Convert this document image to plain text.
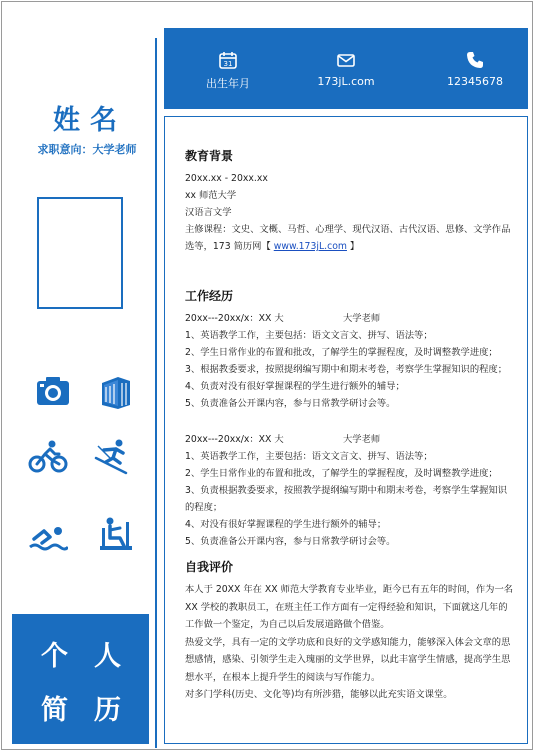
姓名
求职意向：大学老师
个 人
简 历
31
出生年月	173jL.com	12345678
教育背景

20xx.xx - 20xx.xx

xx 师范大学

汉语言文学

主修课程：文史、文概、马哲、心理学、现代汉语、古代汉语、思修、文学作品选等，173 简历网【 www.173jL.com 】

工作经历
20xx---20xx/x：XX 大	大学老师

1、英语教学工作，主要包括：语文文言文、拼写、语法等；

2、学生日常作业的布置和批改，了解学生的掌握程度，及时调整教学进度；

3、根据教委要求，按照提纲编写期中和期末考卷，考察学生掌握知识的程度；

4、负责对没有很好掌握课程的学生进行额外的辅导；

5、负责准备公开课内容，参与日常教学研讨会等。

20xx---20xx/x：XX 大	大学老师

1、英语教学工作，主要包括：语文文言文、拼写、语法等；

2、学生日常作业的布置和批改，了解学生的掌握程度，及时调整教学进度；

3、负责根据教委要求，按照教学提纲编写期中和期末考卷，考察学生掌握知识的程度；

4、对没有很好掌握课程的学生进行额外的辅导；

5、负责准备公开课内容，参与日常教学研讨会等。

自我评价

本人于 20XX 年在 XX 师范大学教育专业毕业，距今已有五年的时间，作为一名 XX 学校的教职员工，在班主任工作方面有一定得经验和知识，下面就这几年的工作做一个鉴定，为自己以后发展道路做个借鉴。

热爱文学，具有一定的文学功底和良好的文学感知能力，能够深入体会文章的思想感情，感染、引领学生走入瑰丽的文学世界，以此丰富学生情感，提高学生思想水平，在根本上提升学生的阅读与写作能力。

对多门学科(历史、文化等)均有所涉猎，能够以此充实语文课堂。
